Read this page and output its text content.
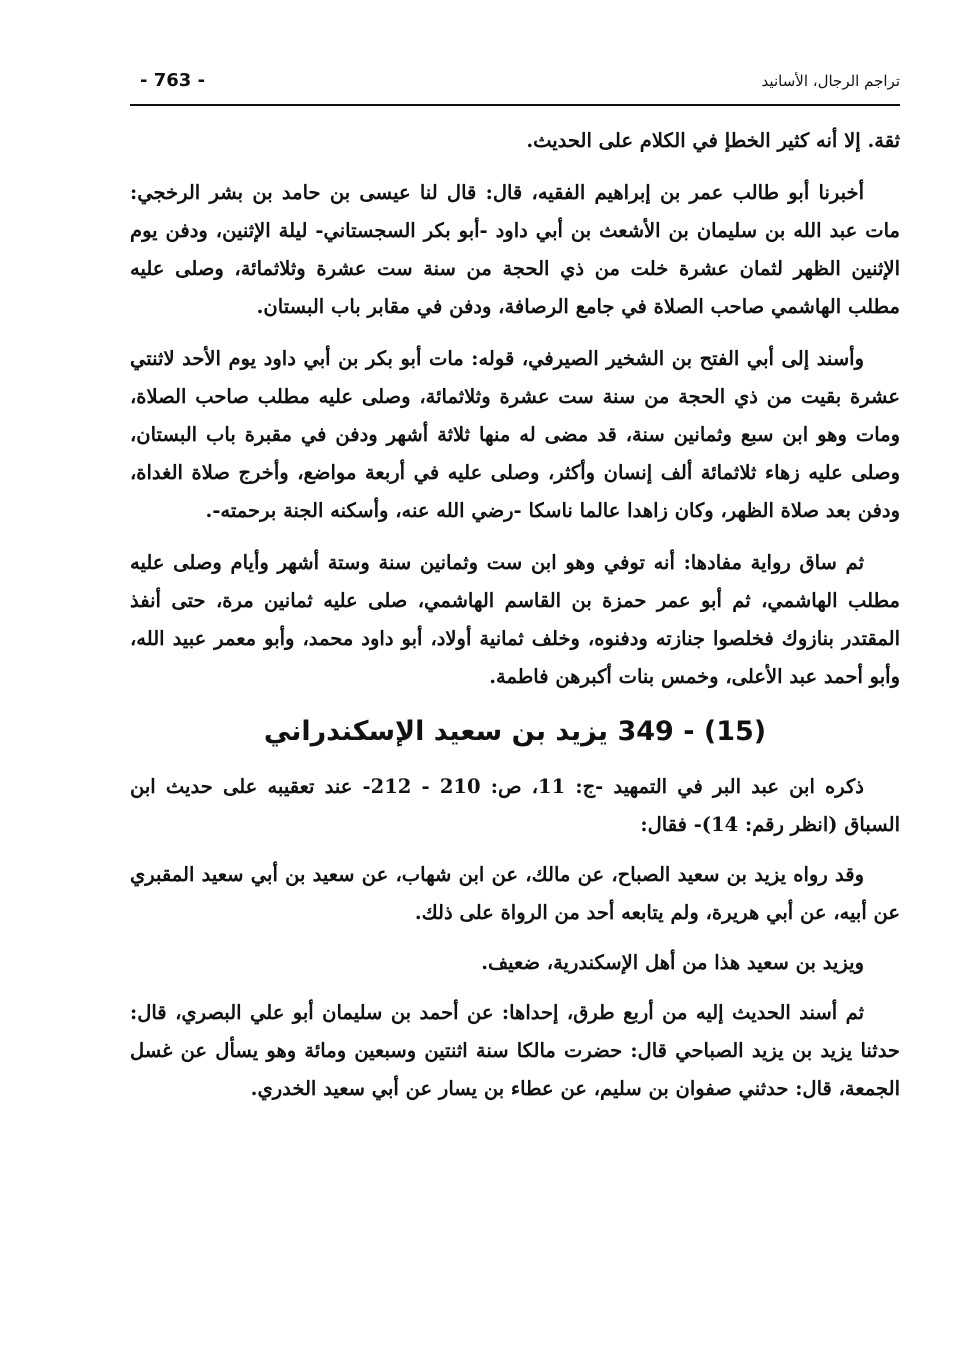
- 763 -	تراجم الرجال، الأسانيد

ثقة. إلا أنه كثير الخطإ في الكلام على الحديث.

أخبرنا أبو طالب عمر بن إبراهيم الفقيه، قال: قال لنا عيسى بن حامد بن بشر الرخجي: مات عبد الله بن سليمان بن الأشعث بن أبي داود -أبو بكر السجستاني- ليلة الإثنين، ودفن يوم الإثنين الظهر لثمان عشرة خلت من ذي الحجة من سنة ست عشرة وثلاثمائة، وصلى عليه مطلب الهاشمي صاحب الصلاة في جامع الرصافة، ودفن في مقابر باب البستان.

وأسند إلى أبي الفتح بن الشخير الصيرفي، قوله: مات أبو بكر بن أبي داود يوم الأحد لاثنتي عشرة بقيت من ذي الحجة من سنة ست عشرة وثلاثمائة، وصلى عليه مطلب صاحب الصلاة، ومات وهو ابن سبع وثمانين سنة، قد مضى له منها ثلاثة أشهر ودفن في مقبرة باب البستان، وصلى عليه زهاء ثلاثمائة ألف إنسان وأكثر، وصلى عليه في أربعة مواضع، وأخرج صلاة الغداة، ودفن بعد صلاة الظهر، وكان زاهدا عالما ناسكا -رضي الله عنه، وأسكنه الجنة برحمته-.

ثم ساق رواية مفادها: أنه توفي وهو ابن ست وثمانين سنة وستة أشهر وأيام وصلى عليه مطلب الهاشمي، ثم أبو عمر حمزة بن القاسم الهاشمي، صلى عليه ثمانين مرة، حتى أنفذ المقتدر بنازوك فخلصوا جنازته ودفنوه، وخلف ثمانية أولاد، أبو داود محمد، وأبو معمر عبيد الله، وأبو أحمد عبد الأعلى، وخمس بنات أكبرهن فاطمة.

349 - (15) يزيد بن سعيد الإسكندراني

ذكره ابن عبد البر في التمهيد -ج: 11، ص: 210 - 212- عند تعقيبه على حديث ابن السباق (انظر رقم: 14)- فقال:

وقد رواه يزيد بن سعيد الصباح، عن مالك، عن ابن شهاب، عن سعيد بن أبي سعيد المقبري عن أبيه، عن أبي هريرة، ولم يتابعه أحد من الرواة على ذلك.

ويزيد بن سعيد هذا من أهل الإسكندرية، ضعيف.

ثم أسند الحديث إليه من أربع طرق، إحداها: عن أحمد بن سليمان أبو علي البصري، قال: حدثنا يزيد بن يزيد الصباحي قال: حضرت مالكا سنة اثنتين وسبعين ومائة وهو يسأل عن غسل الجمعة، قال: حدثني صفوان بن سليم، عن عطاء بن يسار عن أبي سعيد الخدري.
